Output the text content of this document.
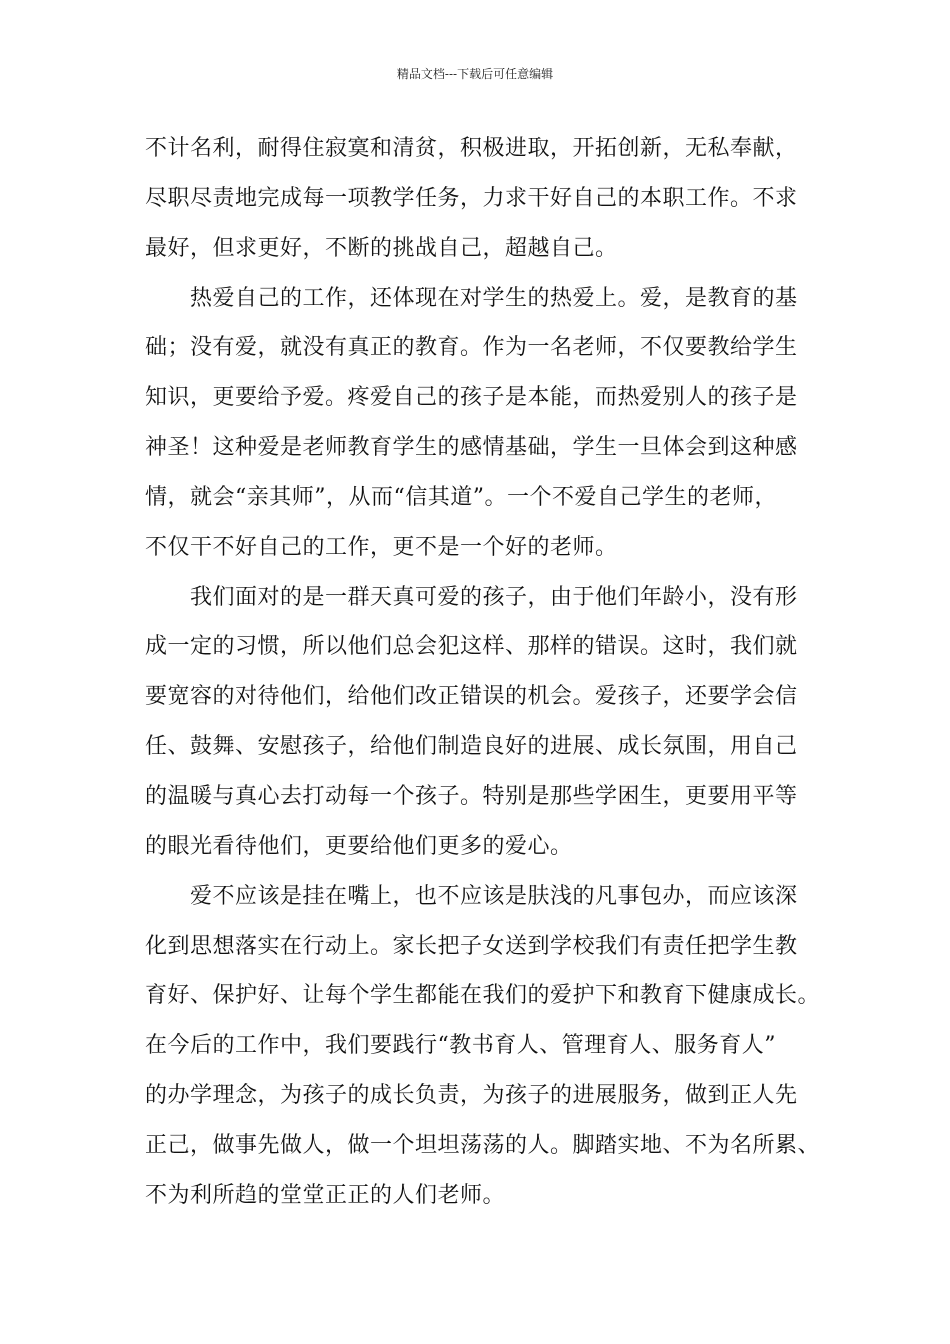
精品文档---下载后可任意编辑
不计名利，耐得住寂寞和清贫，积极进取，开拓创新，无私奉献，
尽职尽责地完成每一项教学任务，力求干好自己的本职工作。不求
最好，但求更好，不断的挑战自己，超越自己。
热爱自己的工作，还体现在对学生的热爱上。爱，是教育的基
础；没有爱，就没有真正的教育。作为一名老师，不仅要教给学生
知识，更要给予爱。疼爱自己的孩子是本能，而热爱别人的孩子是
神圣！这种爱是老师教育学生的感情基础，学生一旦体会到这种感
情，就会“亲其师”，从而“信其道”。一个不爱自己学生的老师，
不仅干不好自己的工作，更不是一个好的老师。
我们面对的是一群天真可爱的孩子，由于他们年龄小，没有形
成一定的习惯，所以他们总会犯这样、那样的错误。这时，我们就
要宽容的对待他们，给他们改正错误的机会。爱孩子，还要学会信
任、鼓舞、安慰孩子，给他们制造良好的进展、成长氛围，用自己
的温暖与真心去打动每一个孩子。特别是那些学困生，更要用平等
的眼光看待他们，更要给他们更多的爱心。
爱不应该是挂在嘴上，也不应该是肤浅的凡事包办，而应该深
化到思想落实在行动上。家长把子女送到学校我们有责任把学生教
育好、保护好、让每个学生都能在我们的爱护下和教育下健康成长。
在今后的工作中，我们要践行“教书育人、管理育人、服务育人”
的办学理念，为孩子的成长负责，为孩子的进展服务，做到正人先
正己，做事先做人，做一个坦坦荡荡的人。脚踏实地、不为名所累、
不为利所趋的堂堂正正的人们老师。
